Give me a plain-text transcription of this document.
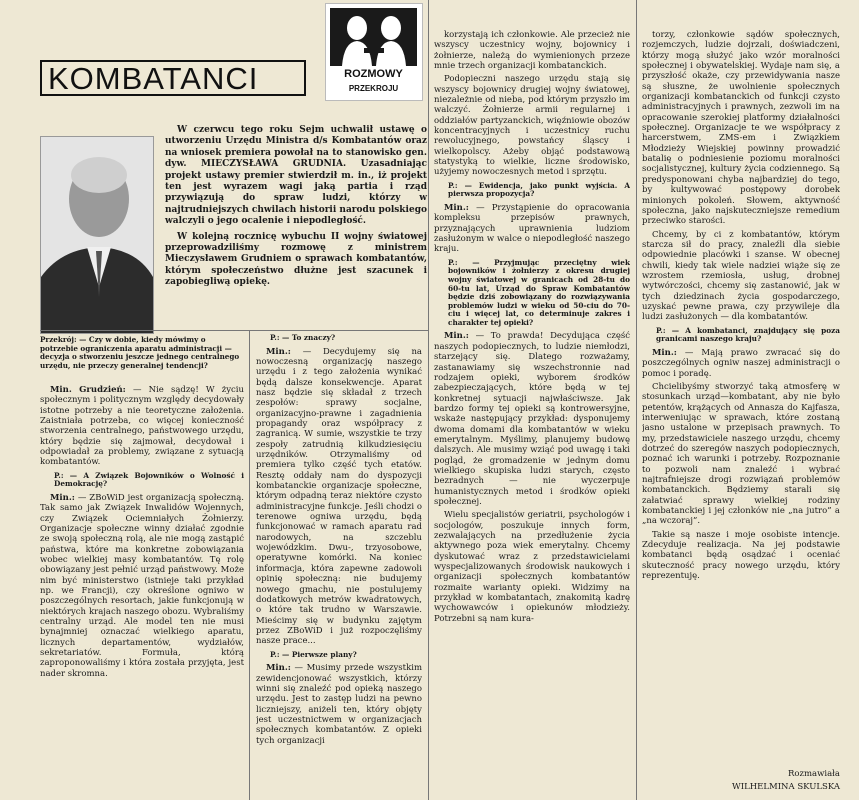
KOMBATANCI	ROZMOWY
PRZEKROJU

W czerwcu tego roku Sejm uchwalił ustawę o utworzeniu Urzędu Ministra d/s Kombatantów oraz na wniosek premiera powołał na to stanowisko gen. dyw. MIECZYSŁAWA GRUDNIA. Uzasadniając projekt ustawy premier stwierdził m. in., iż projekt ten jest wyrazem wagi jaką partia i rząd przywiązują do spraw ludzi, którzy w najtrudniejszych chwilach historii narodu polskiego walczyli o jego ocalenie i niepodległość.

W kolejną rocznicę wybuchu II wojny światowej przeprowadziliśmy rozmowę z ministrem Mieczysławem Grudniem o sprawach kombatantów, którym społeczeństwo dłużne jest szacunek i zapobiegliwą opiekę.

Przekrój: — Czy w dobie, kiedy mówimy o potrzebie ograniczenia aparatu administracji — decyzja o stworzeniu jeszcze jednego centralnego urzędu, nie przeczy generalnej tendencji?

Min. Grudzień: — Nie sądzę! W życiu społecznym i politycznym względy decydowały istotne potrzeby a nie teoretyczne założenia. Zaistniała potrzeba, co więcej konieczność stworzenia centralnego, państwowego urzędu, który będzie się zajmował, decydował i odpowiadał za problemy, związane z sytuacją kombatantów.

P.: — A Związek Bojowników o Wolność i Demokrację?

Min.: — ZBoWiD jest organizacją społeczną. Tak samo jak Związek Inwalidów Wojennych, czy Związek Ociemniałych Żołnierzy. Organizacje społeczne winny działać zgodnie ze swoją społeczną rolą, ale nie mogą zastąpić państwa, które ma konkretne zobowiązania wobec wielkiej masy kombatantów. Tę rolę obowiązany jest pełnić urząd państwowy. Może nim być ministerstwo (istnieje taki przykład np. we Francji), czy określone ogniwo w poszczególnych resortach, jakie funkcjonują w niektórych krajach naszego obozu. Wybraliśmy centralny urząd. Ale model ten nie musi bynajmniej oznaczać wielkiego aparatu, licznych departamentów, wydziałów, sekretariatów. Formuła, którą zaproponowaliśmy i która została przyjęta, jest nader skromna.

P.: — To znaczy?

Min.: — Decydujemy się na nowoczesną organizację naszego urzędu i z tego założenia wynikać będą dalsze konsekwencje. Aparat nasz będzie się składał z trzech zespołów: sprawy socjalne, organizacyjno-prawne i zagadnienia propagandy oraz współpracy z zagranicą. W sumie, wszystkie te trzy zespoły zatrudnią kilkudziesięciu urzędników. Otrzymaliśmy od premiera tylko część tych etatów. Resztę oddały nam do dyspozycji kombatanckie organizacje społeczne, którym odpadną teraz niektóre czysto administracyjne funkcje. Jeśli chodzi o terenowe ogniwa urzędu, będą funkcjonować w ramach aparatu rad narodowych, na szczeblu wojewódzkim. Dwu-, trzyosobowe, operatywne komórki. Na koniec informacja, która zapewne zadowoli opinię społeczną: nie budujemy nowego gmachu, nie postulujemy dodatkowych metrów kwadratowych, o które tak trudno w Warszawie. Mieścimy się w budynku zajętym przez ZBoWiD i już rozpoczęliśmy nasze prace...

P.: — Pierwsze plany?

Min.: — Musimy przede wszystkim zewidencjonować wszystkich, którzy winni się znaleźć pod opieką naszego urzędu. Jest to zastęp ludzi na pewno liczniejszy, aniżeli ten, który objęty jest uczestnictwem w organizacjach społecznych kombatantów. Z opieki tych organizacji

korzystają ich członkowie. Ale przecież nie wszyscy uczestnicy wojny, bojownicy i żołnierze, należą do wymienionych przeze mnie trzech organizacji kombatanckich.

Podopieczni naszego urzędu stają się wszyscy bojownicy drugiej wojny światowej, niezależnie od nieba, pod którym przyszło im walczyć. Żołnierze armii regularnej i oddziałów partyzanckich, więźniowie obozów koncentracyjnych i uczestnicy ruchu rewolucyjnego, powstańcy śląscy i wielkopolscy. Ażeby objąć podstawową statystyką to wielkie, liczne środowisko, użyjemy nowoczesnych metod i sprzętu.

P.: — Ewidencja, jako punkt wyjścia. A pierwsza propozycja?

Min.: — Przystąpienie do opracowania kompleksu przepisów prawnych, przyznających uprawnienia ludziom zasłużonym w walce o niepodległość naszego kraju.

P.: — Przyjmując przeciętny wiek bojowników i żołnierzy z okresu drugiej wojny światowej w granicach od 28-tu do 60-tu lat, Urząd do Spraw Kombatantów będzie dziś zobowiązany do rozwiązywania problemów ludzi w wieku od 50-ciu do 70-ciu i więcej lat, co determinuje zakres i charakter tej opieki?

Min.: — To prawda! Decydująca część naszych podopiecznych, to ludzie niemłodzi, starzejący się. Dlatego rozważamy, zastanawiamy się wszechstronnie nad rodzajem opieki, wyborem środków zabezpieczających, które będą w tej konkretnej sytuacji najwłaściwsze. Jak bardzo formy tej opieki są kontrowersyjne, wskaże następujący przykład: dysponujemy dwoma domami dla kombatantów w wieku emerytalnym. Myślimy, planujemy budowę dalszych. Ale musimy wziąć pod uwagę i taki pogląd, że gromadzenie w jednym domu wielkiego skupiska ludzi starych, często bezradnych — nie wyczerpuje humanistycznych metod i środków opieki społecznej.

Wielu specjalistów geriatrii, psychologów i socjologów, poszukuje innych form, zezwalających na przedłużenie życia aktywnego poza wiek emerytalny. Chcemy dyskutować wraz z przedstawicielami wyspecjalizowanych środowisk naukowych i organizacji społecznych kombatantów rozmaite warianty opieki. Widzimy na przykład w kombatantach, znakomitą kadrę wychowawców i opiekunów młodzieży. Potrzebni są nam kura-

torzy, członkowie sądów społecznych, rozjemczych, ludzie dojrzali, doświadczeni, którzy mogą służyć jako wzór moralności społecznej i obywatelskiej. Wydaje nam się, a przyszłość okaże, czy przewidywania nasze są słuszne, że uwolnienie społecznych organizacji kombatanckich od funkcji czysto administracyjnych i prawnych, zezwoli im na opracowanie szerokiej platformy działalności społecznej. Organizacje te we współpracy z harcerstwem, ZMS-em i Związkiem Młodzieży Wiejskiej powinny prowadzić batalię o podniesienie poziomu moralności socjalistycznej, kultury życia codziennego. Są predysponowani chyba najbardziej do tego, by kultywować postępowy dorobek minionych pokoleń. Słowem, aktywność społeczna, jako najskuteczniejsze remedium przeciwko starości.

Chcemy, by ci z kombatantów, którym starcza sił do pracy, znaleźli dla siebie odpowiednie placówki i szanse. W obecnej chwili, kiedy tak wiele nadziei wiąże się ze wzrostem rzemiosła, usług, drobnej wytwórczości, chcemy się zastanowić, jak w tych dziedzinach życia gospodarczego, uzyskać pewne prawa, czy przywileje dla ludzi zasłużonych — dla kombatantów.

P.: — A kombatanci, znajdujący się poza granicami naszego kraju?

Min.: — Mają prawo zwracać się do poszczególnych ogniw naszej administracji o pomoc i poradę.

Chcielibyśmy stworzyć taką atmosferę w stosunkach urząd—kombatant, aby nie było petentów, krążących od Annasza do Kajfasza, interweniując w sprawach, które zostaną jasno ustalone w przepisach prawnych. To my, przedstawiciele naszego urzędu, chcemy dotrzeć do szeregów naszych podopiecznych, poznać ich warunki i potrzeby. Rozpoznanie to pozwoli nam znaleźć i wybrać najtrafniejsze drogi rozwiązań problemów kombatanckich. Będziemy starali się załatwiać sprawy wielkiej rodziny kombatanckiej i jej członków nie „na jutro” a „na wczoraj”.

Takie są nasze i moje osobiste intencje. Zdecyduje realizacja. Na jej podstawie kombatanci będą osądzać i oceniać skuteczność pracy nowego urzędu, który reprezentuję.

Rozmawiała
WILHELMINA SKULSKA
